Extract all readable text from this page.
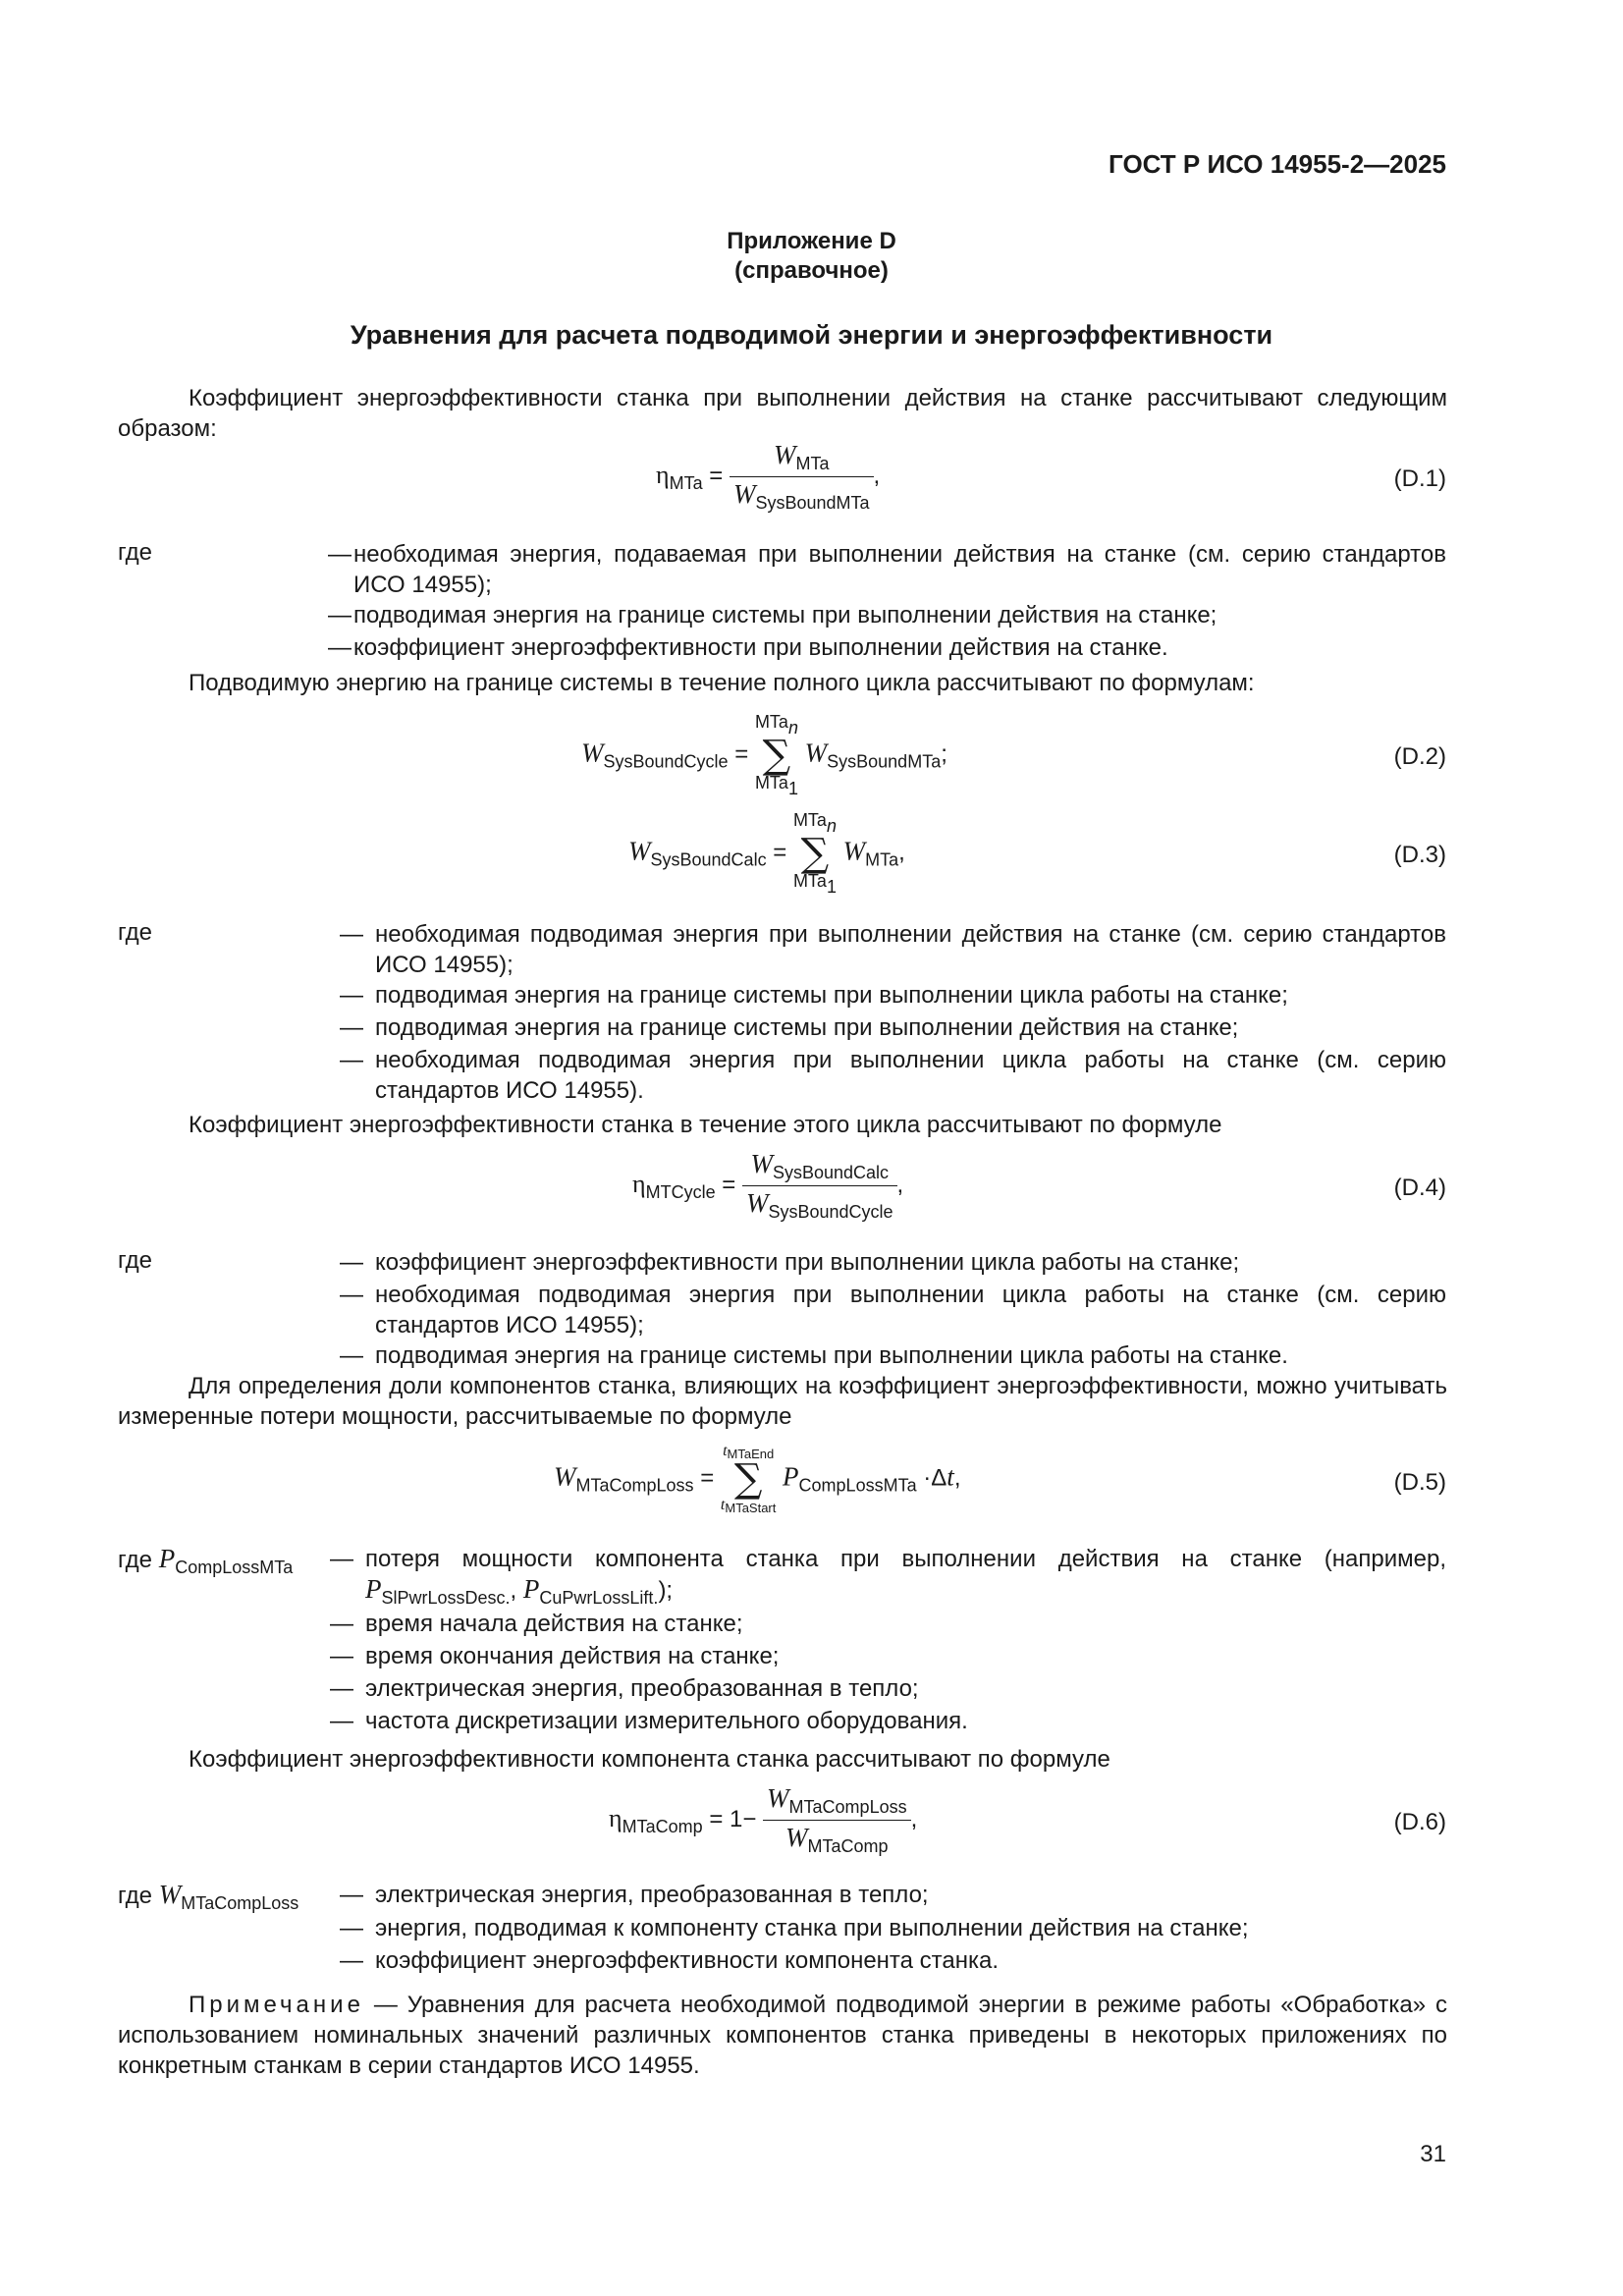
ГОСТ Р ИСО 14955-2—2025
Приложение D
(справочное)
Уравнения для расчета подводимой энергии и энергоэффективности
Коэффициент энергоэффективности станка при выполнении действия на станке рассчитывают следующим образом:
$\eta_{MTa} = \frac{W_{MTa}}{W_{SysBoundMTa}}$ ,	(D.1)
где	— необходимая энергия, подаваемая при выполнении действия на станке (см. серию стандартов ИСО 14955);
— подводимая энергия на границе системы при выполнении действия на станке;
— коэффициент энергоэффективности при выполнении действия на станке.
Подводимую энергию на границе системы в течение полного цикла рассчитывают по формулам:
$W_{SysBoundCycle}$ =
MTa$_n$
∑
MTa$_1$
$W_{SysBoundMTa}$;	(D.2)
$W_{SysBoundCalc}$ =
MTa$_n$
∑
MTa$_1$
$W_{MTa}$,	(D.3)
где	— необходимая подводимая энергия при выполнении действия на станке (см. серию стандартов ИСО 14955);
— подводимая энергия на границе системы при выполнении цикла работы на станке;
— подводимая энергия на границе системы при выполнении действия на станке;
— необходимая подводимая энергия при выполнении цикла работы на станке (см. серию стандартов ИСО 14955).
Коэффициент энергоэффективности станка в течение этого цикла рассчитывают по формуле
$\eta_{MTCycle} = \frac{W_{SysBoundCalc}}{W_{SysBoundCycle}}$ ,	(D.4)
где	— коэффициент энергоэффективности при выполнении цикла работы на станке;
— необходимая подводимая энергия при выполнении цикла работы на станке (см. серию стандартов ИСО 14955);
— подводимая энергия на границе системы при выполнении цикла работы на станке.
Для определения доли компонентов станка, влияющих на коэффициент энергоэффективности, можно учитывать измеренные потери мощности, рассчитываемые по формуле
$W_{MTaCompLoss}$ =
$t_{MTaEnd}$
∑
$t_{MTaStart}$
$P_{CompLossMTa} \cdot\Delta t$,	(D.5)
где $P_{CompLossMTa}$ — потеря мощности компонента станка при выполнении действия на станке (например,
$P_{SlPwrLossDesc.}$, $P_{CuPwrLossLift.}$);
— время начала действия на станке;
— время окончания действия на станке;
— электрическая энергия, преобразованная в тепло;
— частота дискретизации измерительного оборудования.
Коэффициент энергоэффективности компонента станка рассчитывают по формуле
$\eta_{MTaComp} = 1- \frac{W_{MTaCompLoss}}{W_{MTaComp}}$ ,	(D.6)
где $W_{MTaCompLoss}$ — электрическая энергия, преобразованная в тепло;
— энергия, подводимая к компоненту станка при выполнении действия на станке;
— коэффициент энергоэффективности компонента станка.
Примечание — Уравнения для расчета необходимой подводимой энергии в режиме работы «Обработка» с использованием номинальных значений различных компонентов станка приведены в некоторых приложениях по конкретным станкам в серии стандартов ИСО 14955.
31
